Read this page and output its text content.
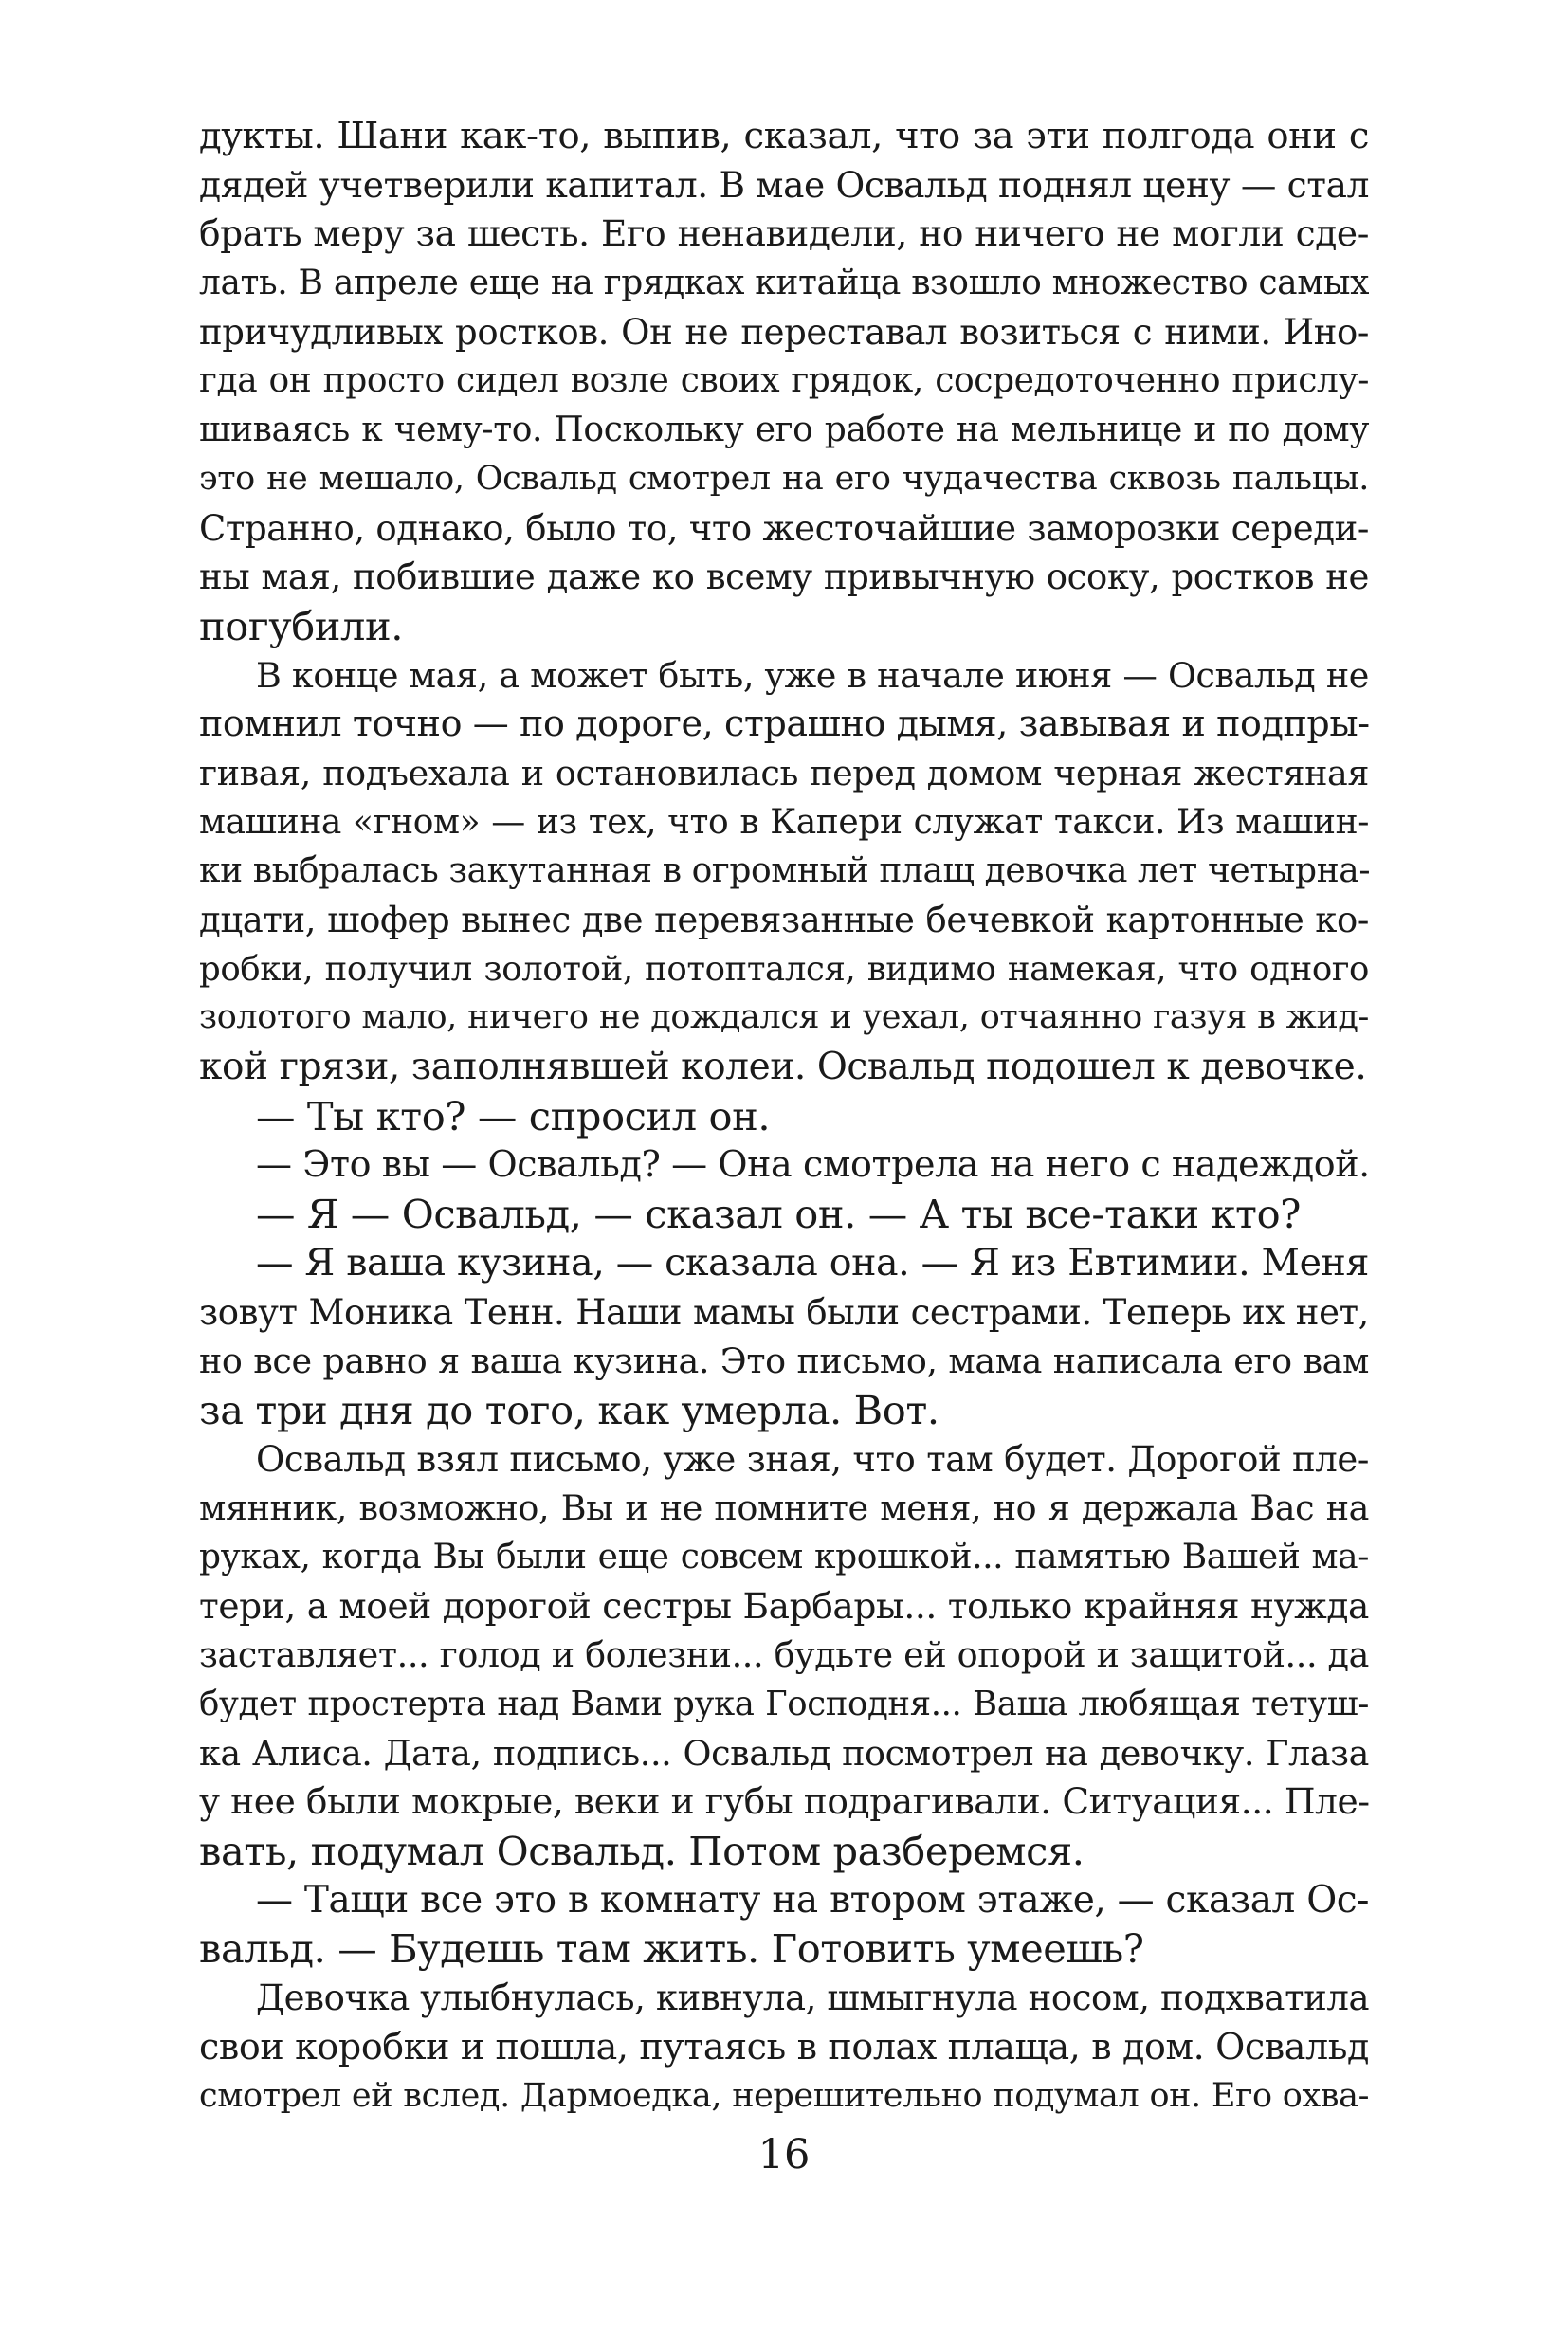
дукты. Шани как-то, выпив, сказал, что за эти полгода они с
дядей учетверили капитал. В мае Освальд поднял цену — стал
брать меру за шесть. Его ненавидели, но ничего не могли сде-
лать. В апреле еще на грядках китайца взошло множество самых
причудливых ростков. Он не переставал возиться с ними. Ино-
гда он просто сидел возле своих грядок, сосредоточенно прислу-
шиваясь к чему-то. Поскольку его работе на мельнице и по дому
это не мешало, Освальд смотрел на его чудачества сквозь пальцы.
Странно, однако, было то, что жесточайшие заморозки середи-
ны мая, побившие даже ко всему привычную осоку, ростков не
погубили.
В конце мая, а может быть, уже в начале июня — Освальд не
помнил точно — по дороге, страшно дымя, завывая и подпры-
гивая, подъехала и остановилась перед домом черная жестяная
машина «гном» — из тех, что в Капери служат такси. Из машин-
ки выбралась закутанная в огромный плащ девочка лет четырна-
дцати, шофер вынес две перевязанные бечевкой картонные ко-
робки, получил золотой, потоптался, видимо намекая, что одного
золотого мало, ничего не дождался и уехал, отчаянно газуя в жид-
кой грязи, заполнявшей колеи. Освальд подошел к девочке.
— Ты кто? — спросил он.
— Это вы — Освальд? — Она смотрела на него с надеждой.
— Я — Освальд, — сказал он. — А ты все-таки кто?
— Я ваша кузина, — сказала она. — Я из Евтимии. Меня
зовут Моника Тенн. Наши мамы были сестрами. Теперь их нет,
но все равно я ваша кузина. Это письмо, мама написала его вам
за три дня до того, как умерла. Вот.
Освальд взял письмо, уже зная, что там будет. Дорогой пле-
мянник, возможно, Вы и не помните меня, но я держала Вас на
руках, когда Вы были еще совсем крошкой... памятью Вашей ма-
тери, а моей дорогой сестры Барбары... только крайняя нужда
заставляет... голод и болезни... будьте ей опорой и защитой... да
будет простерта над Вами рука Господня... Ваша любящая тетуш-
ка Алиса. Дата, подпись... Освальд посмотрел на девочку. Глаза
у нее были мокрые, веки и губы подрагивали. Ситуация... Пле-
вать, подумал Освальд. Потом разберемся.
— Тащи все это в комнату на втором этаже, — сказал Ос-
вальд. — Будешь там жить. Готовить умеешь?
Девочка улыбнулась, кивнула, шмыгнула носом, подхватила
свои коробки и пошла, путаясь в полах плаща, в дом. Освальд
смотрел ей вслед. Дармоедка, нерешительно подумал он. Его охва-
16
